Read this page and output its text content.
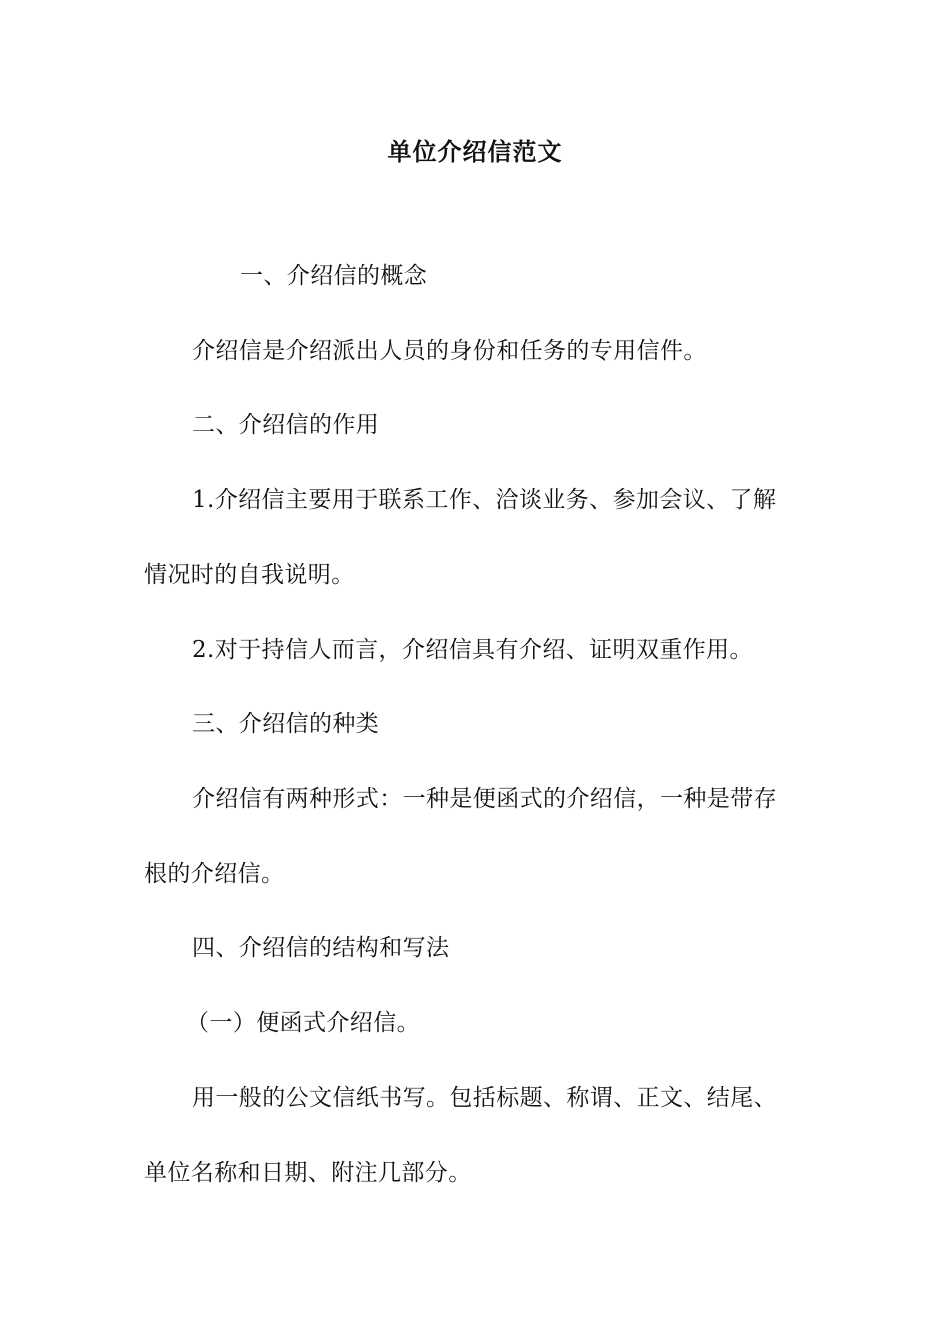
单位介绍信范文
一、介绍信的概念
介绍信是介绍派出人员的身份和任务的专用信件。
二、介绍信的作用
1.介绍信主要用于联系工作、洽谈业务、参加会议、了解
情况时的自我说明。
2.对于持信人而言，介绍信具有介绍、证明双重作用。
三、介绍信的种类
介绍信有两种形式：一种是便函式的介绍信，一种是带存
根的介绍信。
四、介绍信的结构和写法
（一）便函式介绍信。
用一般的公文信纸书写。包括标题、称谓、正文、结尾、
单位名称和日期、附注几部分。
